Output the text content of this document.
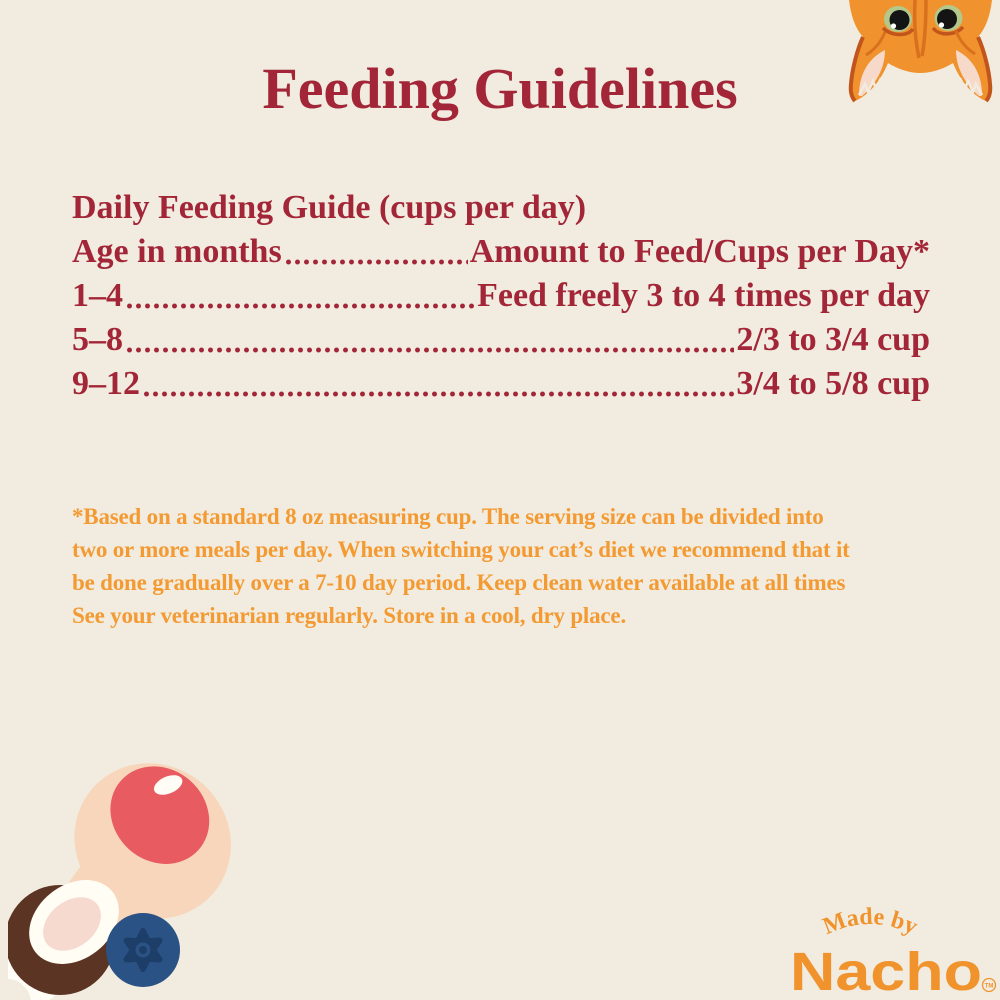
Feeding Guidelines
Daily Feeding Guide (cups per day)
Age in months	Amount to Feed/Cups per Day*
1–4	Feed freely 3 to 4 times per day
5–8	2/3 to 3/4 cup
9–12	3/4 to 5/8 cup
*Based on a standard 8 oz measuring cup. The serving size can be divided into
two or more meals per day. When switching your cat’s diet we recommend that it
be done gradually over a 7-10 day period. Keep clean water available at all times
See your veterinarian regularly. Store in a cool, dry place.
Made by
Nacho TM
